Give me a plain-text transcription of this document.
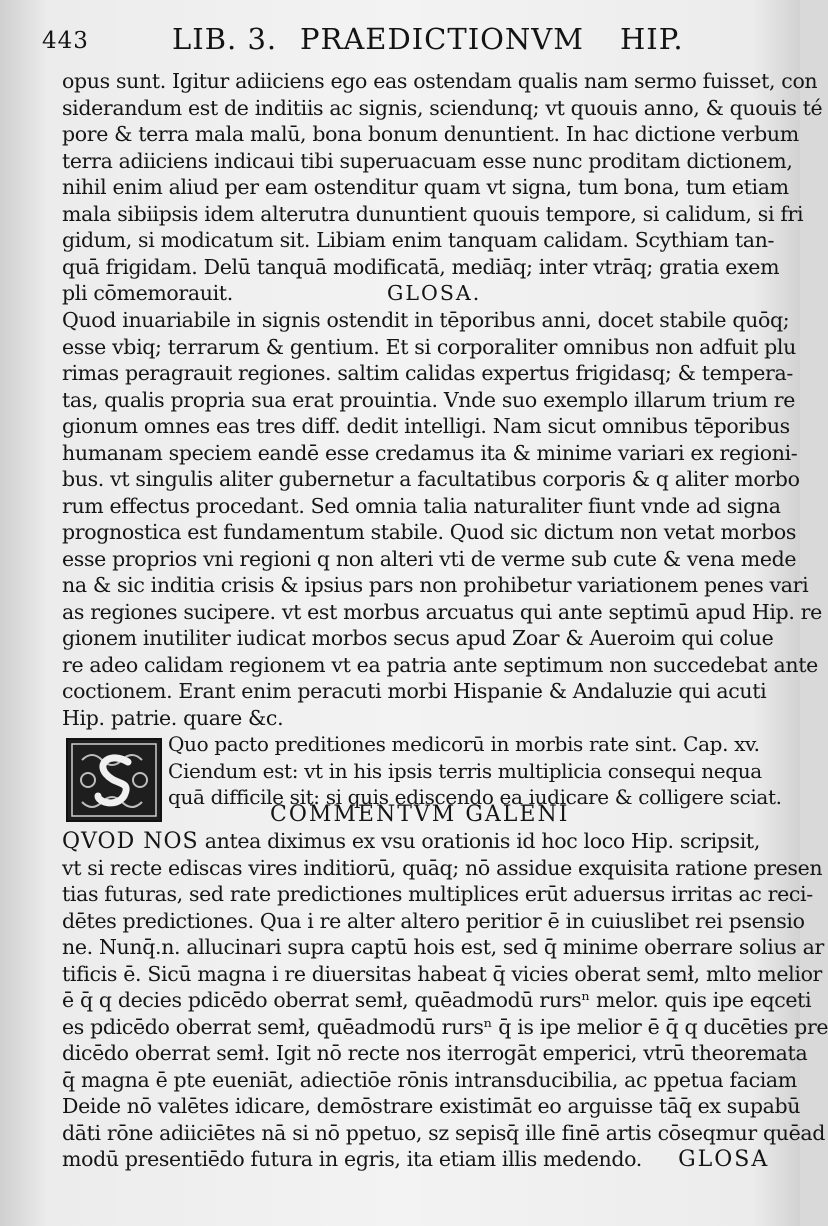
443	LIB. 3. PRAEDICTIONVM HIP.
opus sunt. Igitur adiiciens ego eas ostendam qualis nam sermo fuisset, con
siderandum est de inditiis ac signis, sciendunq; vt quouis anno, & quouis té
pore & terra mala malū, bona bonum denuntient. In hac dictione verbum
terra adiiciens indicaui tibi superuacuam esse nunc proditam dictionem,
nihil enim aliud per eam ostenditur quam vt signa, tum bona, tum etiam
mala sibiipsis idem alterutra dununtient quouis tempore, si calidum, si fri
gidum, si modicatum sit. Libiam enim tanquam calidam. Scythiam tan-
quā frigidam. Delū tanquā modificatā, mediāq; inter vtrāq; gratia exem
pli cōmemorauit.	GLOSA.
Quod inuariabile in signis ostendit in tēporibus anni, docet stabile quōq;
esse vbiq; terrarum & gentium. Et si corporaliter omnibus non adfuit plu
rimas peragrauit regiones. saltim calidas expertus frigidasq; & tempera-
tas, qualis propria sua erat prouintia. Vnde suo exemplo illarum trium re
gionum omnes eas tres diff. dedit intelligi. Nam sicut omnibus tēporibus
humanam speciem eandē esse credamus ita & minime variari ex regioni-
bus. vt singulis aliter gubernetur a facultatibus corporis & q aliter morbo
rum effectus procedant. Sed omnia talia naturaliter fiunt vnde ad signa
prognostica est fundamentum stabile. Quod sic dictum non vetat morbos
esse proprios vni regioni q non alteri vti de verme sub cute & vena mede
na & sic inditia crisis & ipsius pars non prohibetur variationem penes vari
as regiones sucipere. vt est morbus arcuatus qui ante septimū apud Hip. re
gionem inutiliter iudicat morbos secus apud Zoar & Aueroim qui colue
re adeo calidam regionem vt ea patria ante septimum non succedebat ante
coctionem. Erant enim peracuti morbi Hispanie & Andaluzie qui acuti
Hip. patrie. quare &c.
Quo pacto preditiones medicorū in morbis rate sint. Cap. xv.
Ciendum est: vt in his ipsis terris multiplicia consequi nequa
quā difficile sit: si quis ediscendo ea iudicare & colligere sciat.
COMMENTVM GALENI
QVOD NOS antea diximus ex vsu orationis id hoc loco Hip. scripsit,
vt si recte ediscas vires inditiorū, quāq; nō assidue exquisita ratione presen
tias futuras, sed rate predictiones multiplices erūt aduersus irritas ac reci-
dētes predictiones. Qua i re alter altero peritior ē in cuiuslibet rei psensio
ne. Nunq̄.n. allucinari supra captū hois est, sed q̄ minime oberrare solius ar
tificis ē. Sicū magna i re diuersitas habeat q̄ vicies oberat semł, mlto melior
ē q̄ q decies pdicēdo oberrat semł, quēadmodū rursⁿ melor. quis ipe eqceti
es pdicēdo oberrat semł, quēadmodū rursⁿ q̄ is ipe melior ē q̄ q ducēties pre
dicēdo oberrat semł. Igit nō recte nos iterrogāt emperici, vtrū theoremata
q̄ magna ē pte eueniāt, adiectiōe rōnis intransducibilia, ac ppetua faciam
Deide nō valētes idicare, demōstrare existimāt eo arguisse tāq̄ ex supabū
dāti rōne adiiciētes nā si nō ppetuo, sz sepisq̄ ille finē artis cōseqmur quēad
modū presentiēdo futura in egris, ita etiam illis medendo. GLOSA
